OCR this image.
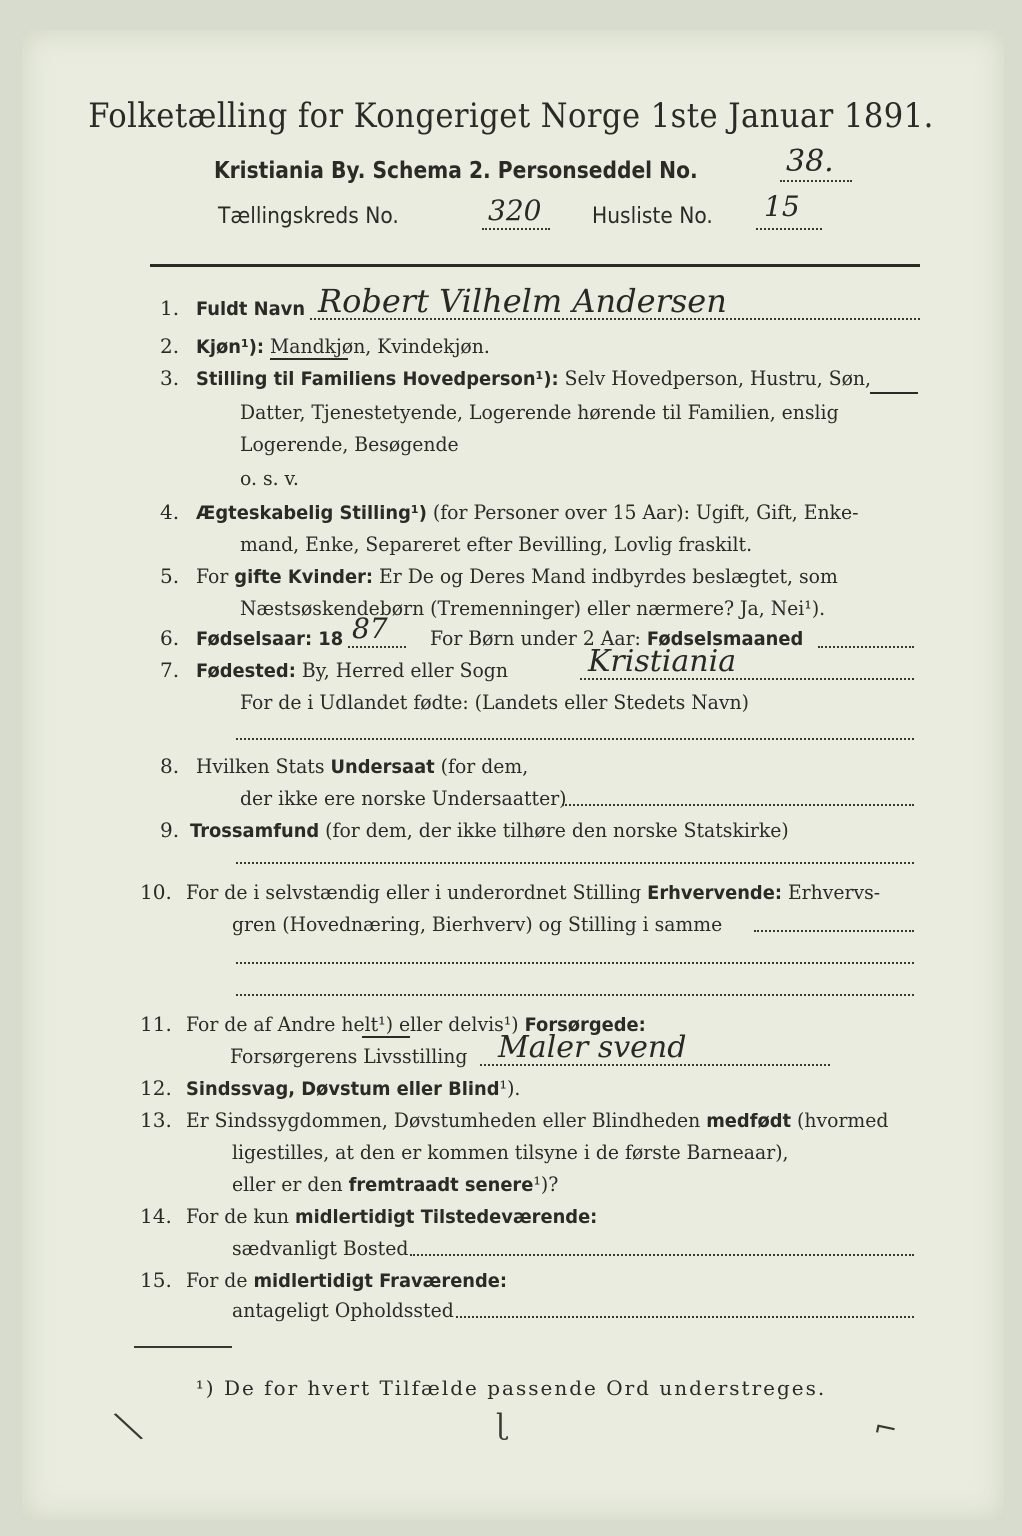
Folketælling for Kongeriget Norge 1ste Januar 1891.
Kristiania By. Schema 2. Personseddel No.	38.
Tællingskreds No.	320 Husliste No. 15
1. Fuldt Navn Robert Vilhelm Andersen
2. Kjøn¹): Mandkjøn, Kvindekjøn.
3. Stilling til Familiens Hovedperson¹): Selv Hovedperson, Hustru, Søn,
Datter, Tjenestetyende, Logerende hørende til Familien, enslig
Logerende, Besøgende
o. s. v.
4. Ægteskabelig Stilling¹) (for Personer over 15 Aar): Ugift, Gift, Enke-
mand, Enke, Separeret efter Bevilling, Lovlig fraskilt.
5. For gifte Kvinder: Er De og Deres Mand indbyrdes beslægtet, som
Næstsøskendebørn (Tremenninger) eller nærmere? Ja, Nei¹).
6. Fødselsaar: 18 87 For Børn under 2 Aar: Fødselsmaaned
7. Fødested: By, Herred eller Sogn	Kristiania
For de i Udlandet fødte: (Landets eller Stedets Navn)
8. Hvilken Stats Undersaat (for dem,
der ikke ere norske Undersaatter)
9. Trossamfund (for dem, der ikke tilhøre den norske Statskirke)
10. For de i selvstændig eller i underordnet Stilling Erhvervende: Erhvervs-
gren (Hovednæring, Bierhverv) og Stilling i samme
11. For de af Andre helt¹) eller delvis¹) Forsørgede:
Forsørgerens Livsstilling Maler svend
12. Sindssvag, Døvstum eller Blind¹).
13. Er Sindssygdommen, Døvstumheden eller Blindheden medfødt (hvormed
ligestilles, at den er kommen tilsyne i de første Barneaar),
eller er den fremtraadt senere¹)?
14. For de kun midlertidigt Tilstedeværende:
sædvanligt Bosted
15. For de midlertidigt Fraværende:
antageligt Opholdssted
¹) De for hvert Tilfælde passende Ord understreges.
╲	ɭ	⌐
